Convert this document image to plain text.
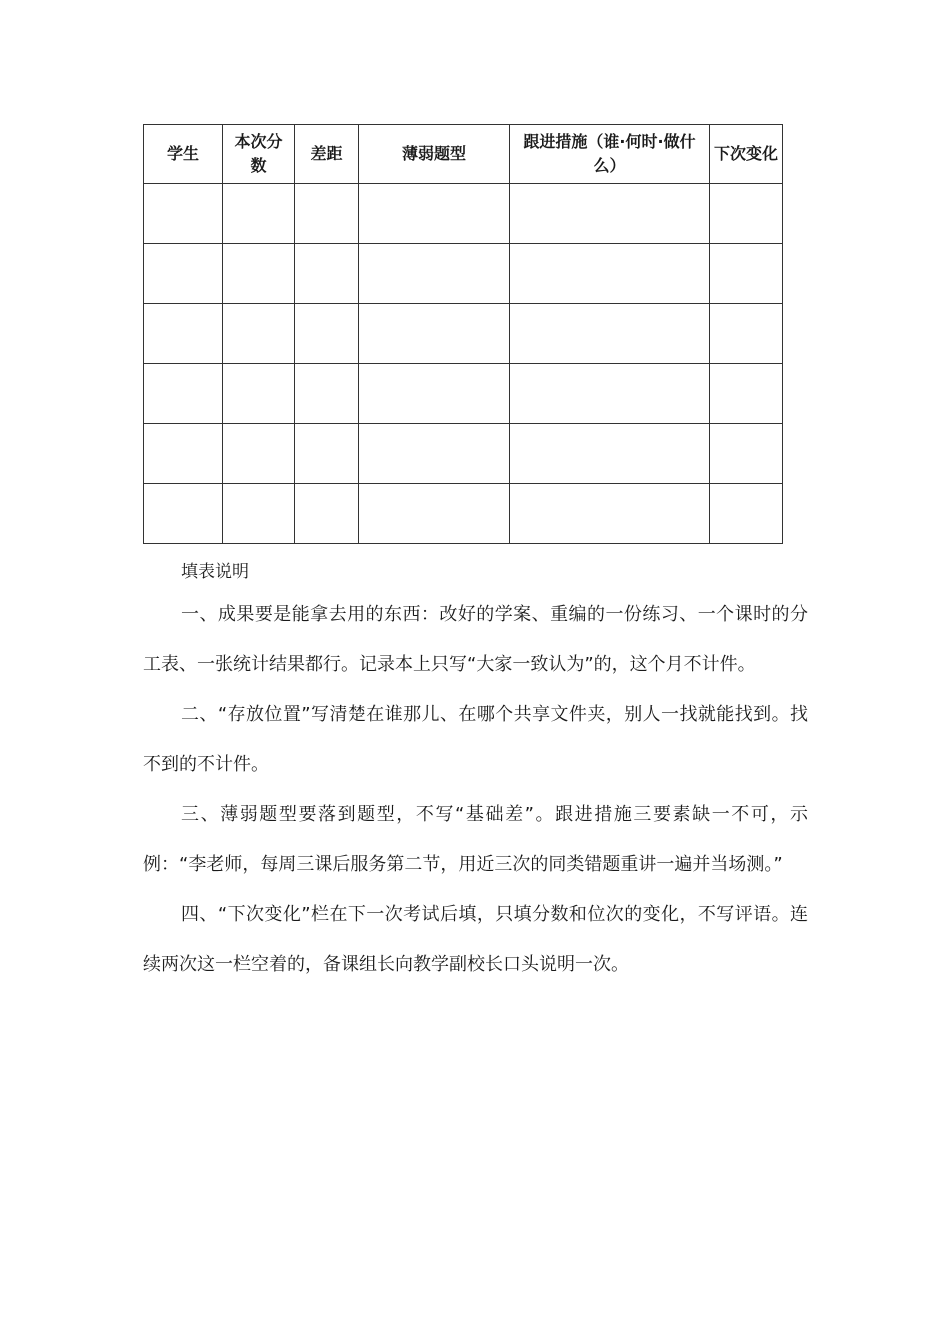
学生	本次分数	差距	薄弱题型	跟进措施（谁·何时·做什么）	下次变化

填表说明

一、成果要是能拿去用的东西：改好的学案、重编的一份练习、一个课时的分工表、一张统计结果都行。记录本上只写“大家一致认为”的，这个月不计件。

二、“存放位置”写清楚在谁那儿、在哪个共享文件夹，别人一找就能找到。找不到的不计件。

三、薄弱题型要落到题型，不写“基础差”。跟进措施三要素缺一不可，示例：“李老师，每周三课后服务第二节，用近三次的同类错题重讲一遍并当场测。”

四、“下次变化”栏在下一次考试后填，只填分数和位次的变化，不写评语。连续两次这一栏空着的，备课组长向教学副校长口头说明一次。
